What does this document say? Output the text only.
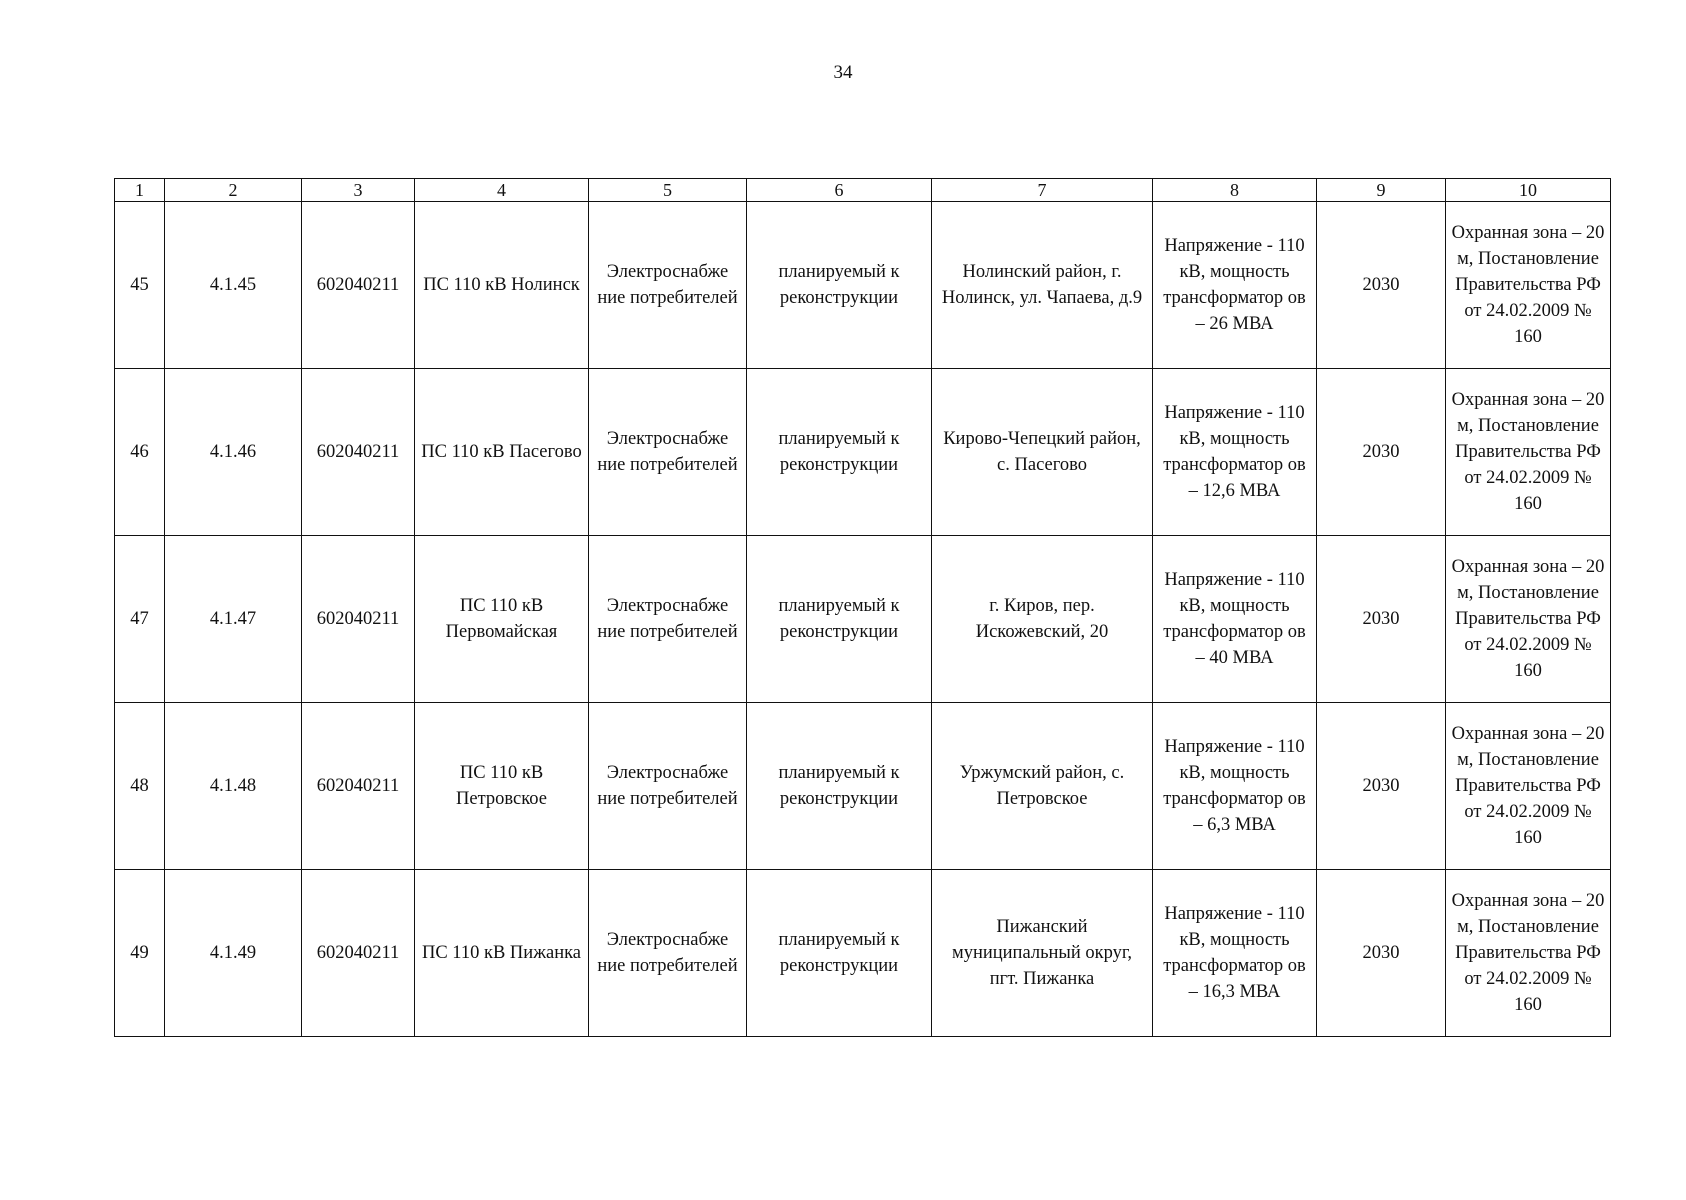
34
1	2	3	4	5	6	7	8	9	10
45	4.1.45	602040211	ПС 110 кВ Нолинск	Электроснабже ние потребителей	планируемый к реконструкции	Нолинский район, г. Нолинск, ул. Чапаева, д.9	Напряжение - 110 кВ, мощность трансформатор ов – 26 МВА	2030	Охранная зона – 20 м, Постановление Правительства РФ от 24.02.2009 № 160
46	4.1.46	602040211	ПС 110 кВ Пасегово	Электроснабже ние потребителей	планируемый к реконструкции	Кирово-Чепецкий район, с. Пасегово	Напряжение - 110 кВ, мощность трансформатор ов – 12,6 МВА	2030	Охранная зона – 20 м, Постановление Правительства РФ от 24.02.2009 № 160
47	4.1.47	602040211	ПС 110 кВ Первомайская	Электроснабже ние потребителей	планируемый к реконструкции	г. Киров, пер. Искожевский, 20	Напряжение - 110 кВ, мощность трансформатор ов – 40 МВА	2030	Охранная зона – 20 м, Постановление Правительства РФ от 24.02.2009 № 160
48	4.1.48	602040211	ПС 110 кВ Петровское	Электроснабже ние потребителей	планируемый к реконструкции	Уржумский район, с. Петровское	Напряжение - 110 кВ, мощность трансформатор ов – 6,3 МВА	2030	Охранная зона – 20 м, Постановление Правительства РФ от 24.02.2009 № 160
49	4.1.49	602040211	ПС 110 кВ Пижанка	Электроснабже ние потребителей	планируемый к реконструкции	Пижанский муниципальный округ, пгт. Пижанка	Напряжение - 110 кВ, мощность трансформатор ов – 16,3 МВА	2030	Охранная зона – 20 м, Постановление Правительства РФ от 24.02.2009 № 160
